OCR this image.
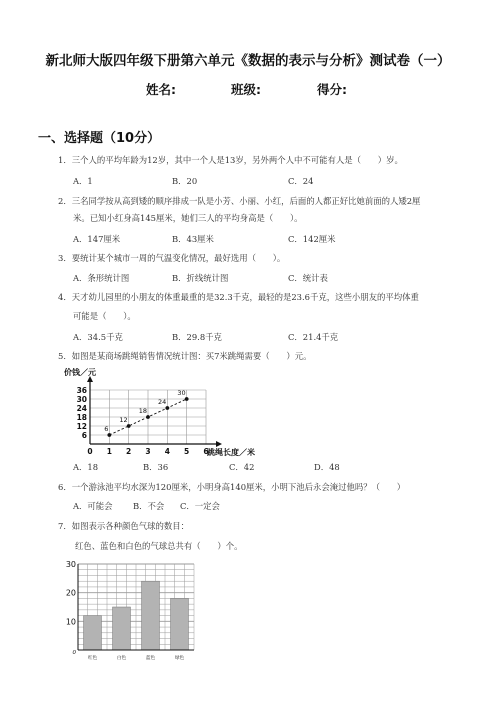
新北师大版四年级下册第六单元《数据的表示与分析》测试卷（一）
姓名:	班级:	得分:
一、选择题（10分）
1．三个人的平均年龄为12岁，其中一个人是13岁，另外两个人中不可能有人是（　　）岁。
A．1	B．20	C．24
2．三名同学按从高到矮的顺序排成一队是小芳、小丽、小红，后面的人都正好比她前面的人矮2厘
米。已知小红身高145厘米，她们三人的平均身高是（　　）。
A．147厘米	B．43厘米	C．142厘米
3．要统计某个城市一周的气温变化情况，最好选用（　　）。
A．条形统计图	B．折线统计图	C．统计表
4．天才幼儿园里的小朋友的体重最重的是32.3千克，最轻的是23.6千克，这些小朋友的平均体重
可能是（　　）。
A．34.5千克	B．29.8千克	C．21.4千克
5．如图是某商场跳绳销售情况统计图：买7米跳绳需要（　　）元。
6
12
18
24
30
36
0 1 2 3 4 5 6
6
12
18
24
30
价钱／元
跳绳长度／米
A．18	B．36	C．42	D．48
6．一个游泳池平均水深为120厘米，小明身高140厘米，小明下池后永会淹过他吗？（　　）
A．可能会 B．不会 C．一定会
7．如图表示各种颜色气球的数目：
红色、蓝色和白色的气球总共有（　　）个。
0
10
20
30
红色	白色	蓝色	绿色
